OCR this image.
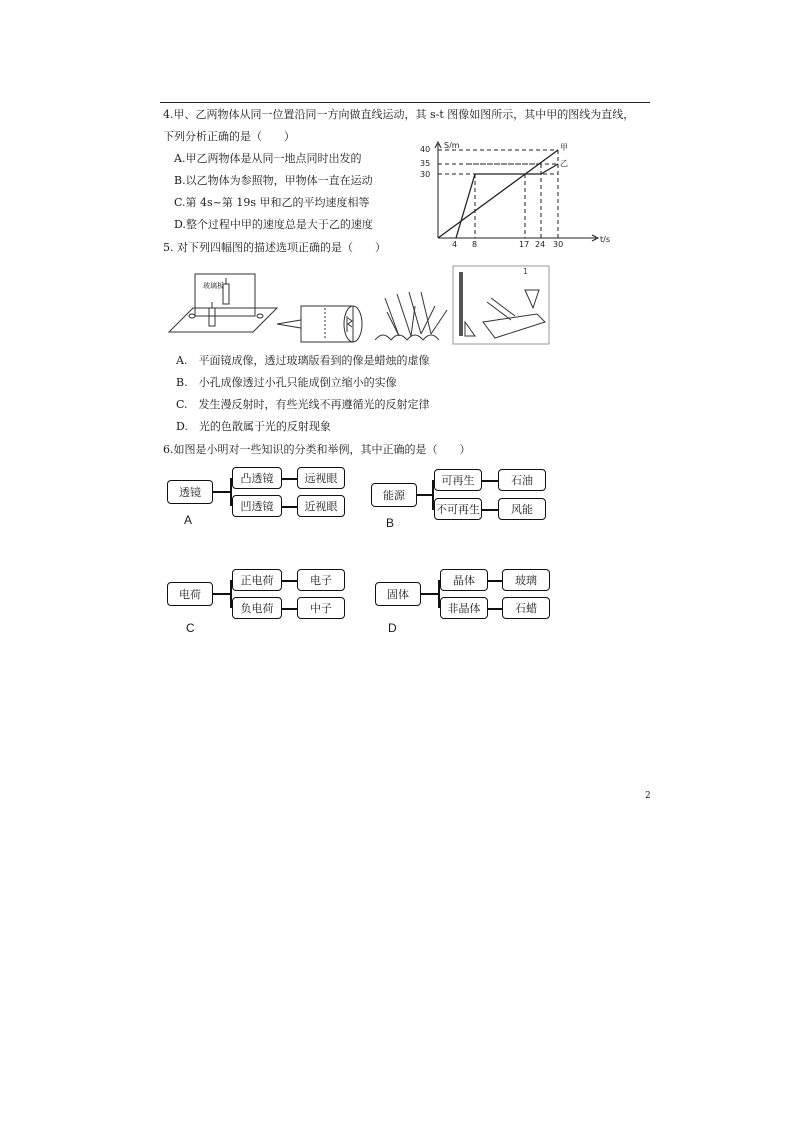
4.甲、乙两物体从同一位置沿同一方向做直线运动，其 s-t 图像如图所示，其中甲的图线为直线，
下列分析正确的是（　　）
A.甲乙两物体是从同一地点同时出发的
B.以乙物体为参照物，甲物体一直在运动
C.第 4s~第 19s 甲和乙的平均速度相等
D.整个过程中甲的速度总是大于乙的速度
40
35
30
4 8	17 24 30
S/m
t/s
甲
乙
5. 对下列四幅图的描述选项正确的是（　　）
玻璃板
1
A.　平面镜成像，透过玻璃版看到的像是蜡烛的虚像
B.　小孔成像透过小孔只能成倒立缩小的实像
C.　发生漫反射时，有些光线不再遵循光的反射定律
D.　光的色散属于光的反射现象
6.如图是小明对一些知识的分类和举例，其中正确的是（　　）
透镜
凸透镜
凹透镜
远视眼
近视眼
A
能源
可再生
不可再生
石油
风能
B
电荷
正电荷
负电荷
电子
中子
C
固体
晶体
非晶体
玻璃
石蜡
D
2
